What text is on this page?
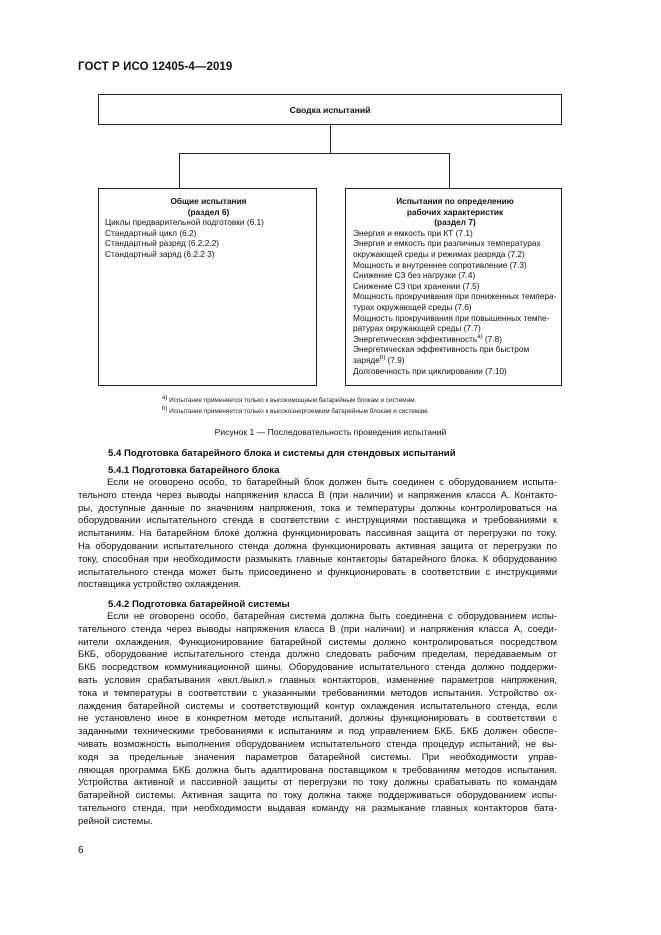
ГОСТ Р ИСО 12405-4—2019
Сводка испытаний
Общие испытания
(раздел 6)
Циклы предварительной подготовки (6.1)
Стандартный цикл (6.2)
Стандартный разряд (6.2.2.2)
Стандартный заряд (6.2.2 3)
Испытания по определению
рабочих характеристик
(раздел 7)
Энергия и емкость при КТ (7.1)
Энергия и емкость при различных температурах
окружающей среды и режимах разряда (7.2)
Мощность и внутреннее сопротивление (7.3)
Снижение СЗ без нагрузки (7.4)
Снижение СЗ при хранении (7.5)
Мощность прокручивания при пониженных темпера-
турах окружающей среды (7.6)
Мощность прокручивания при повышенных темпе-
ратурах окружающей среды (7.7)
Энергетическая эффективность$^{a)}$ (7.8)
Энергетическая эффективность при быстром
заряде$^{b)}$ (7.9)
Долговечность при циклировании (7.10)
$^{a)}$ Испытание применяется только к высокомощным батарейным блокам и системам.
$^{b)}$ Испытание применяется только к высокоэнергоемким батарейным блокам и системам.
Рисунок 1 — Последовательность проведения испытаний
5.4 Подготовка батарейного блока и системы для стендовых испытаний
5.4.1 Подготовка батарейного блока
Если не оговорено особо, то батарейный блок должен быть соединен с оборудованием испыта-
тельного стенда через выводы напряжения класса В (при наличии) и напряжения класса А. Контакто-
ры, доступные данные по значениям напряжения, тока и температуры должны контролироваться на
оборудовании испытательного стенда в соответствии с инструкциями поставщика и требованиями к
испытаниям. На батарейном блоке должна функционировать пассивная защита от перегрузки по току.
На оборудовании испытательного стенда должна функционировать активная защита от перегрузки по
току, способная при необходимости размыкать главные контакторы батарейного блока. К оборудованию
испытательного стенда может быть присоединено и функционировать в соответствии с инструкциями
поставщика устройство охлаждения.
5.4.2 Подготовка батарейной системы
Если не оговорено особо, батарейная система должна быть соединена с оборудованием испы-
тательного стенда через выводы напряжения класса В (при наличии) и напряжения класса А, соеди-
нители охлаждения. Функционирование батарейной системы должно контролироваться посредством
БКБ, оборудование испытательного стенда должно следовать рабочим пределам, передаваемым от
БКБ посредством коммуникационной шины. Оборудование испытательного стенда должно поддержи-
вать условия срабатывания «вкл./выкл.» главных контакторов, изменение параметров напряжения,
тока и температуры в соответствии с указанными требованиями методов испытания. Устройство ох-
лаждения батарейной системы и соответствующий контур охлаждения испытательного стенда, если
не установлено иное в конкретном методе испытаний, должны функционировать в соответствии с
заданными техническими требованиями к испытаниям и под управлением БКБ. БКБ должен обеспе-
чивать возможность выполнения оборудованием испытательного стенда процедур испытаний, не вы-
ходя за предельные значения параметров батарейной системы. При необходимости управ-
ляющая программа БКБ должна быть адаптирована поставщиком к требованиям методов испытания.
Устройства активной и пассивной защиты от перегрузки по току должны срабатывать по командам
батарейной системы. Активная защита по току должна также поддерживаться оборудованием испы-
тательного стенда, при необходимости выдавая команду на размыкание главных контакторов бата-
рейной системы.
6
